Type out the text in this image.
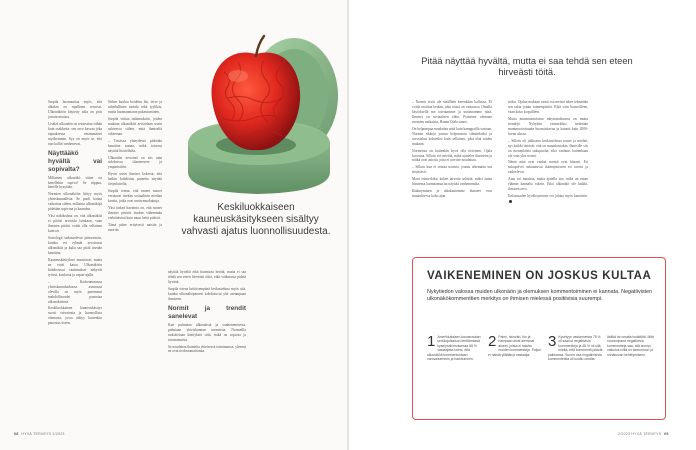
Sarpila huomauttaa myös, että aikakin on rajallinen resurssi. Ulkonäköön käytetty aika on pois jostain muusta.

Lisäksi ulkonäön on resurssina vähän kuin osakkeita: sen arvo kasvaa joka tapauksessa ensimmäiset myöhemmin. Syy on myös se, että nuo kalliit vanhenevat.

Näyttääkö hyvältä vai sopivalta?

Millainen ulkonäkö sitten on kenellekin sopiva? Se riippuu, kenelle kysytään.

Normien ulkonäköön liittyy myös yhteiskunnallisia. Se puoli kattaa vaikuttaa siihen, millaisia ulkonäköjä pidetään sopivina ja kauniina.

Yksi näkökulma on, että ulkonäköä ei pitäisi arvioida lainkaan, vaan ihmisen pitäisi voida olla sellainen kuin on.

Sosiologit tarkastelevat päinvastoin, kuinka eri ryhmät arvottavat ulkonäköä ja kuka saa pitää itseään kauniina.

Kauneuskäsitykset muuttuvat, mutta ne eivät katoa. Ulkonäköön kohdistuvat vaatimukset näkyvät työssä, koulussa ja vapaa-ajalla.

– Korkeammassa yhteiskuntaluokassa asemassa olevilla on myös paremmat mahdollisuudet panostaa ulkonäköönsä.

Keskiluokkainen kauneuskäsitys suosii vaivatonta ja luonnollista olemusta, jossa näkyy kuitenkin panostus itseen.

Siihen kuuluu hoidettu iho, terve ja urheilullinen vartalo sekä tyylikäs, mutta huomaamaton pukeutuminen.

Sarpila viittaa tutkimuksiin, joiden mukaan ulkonäköä arvioidaan usein suhteessa siihen, mitä ihmiseltä odotetaan.

– Toisessa yhteydessä pidetään kauniina samaa, mikä toisessa näyttää liioitellulta.

Ulkonäön arviointi on siis aina sidoksissa tilanteeseen ja ympäristöön.

Hyvin usein ihmiset kokevat, että heihin kohdistuu paineita näyttää tietynlaiselta.

Sarpila toteaa, että monet nuoret vertaavat itseään sosiaalisen median kuviin, jotka ovat usein muokattuja.

Yksi tärkeä havainto on, että monet ihmiset pitävät itseään vähemmän viehättävinä kuin muut heitä pitävät.

Tämä pätee erityisesti naisiin ja nuoriin.

Keskiluokkaiseen kauneuskäsitykseen sisältyy vahvasti ajatus luonnollisuudesta.

näyttää hyvältä eikä huomiota herätä, mutta ei saa tehdä sen eteen hirveästi töitä, eikä vaikutusta pidetä hyvänä.

Sarpila toteaa kriittisempänä keskusteluna myös sitä, kuinka ulkonäköpaineet kohdistuvat yhä useampaan ihmiseen.

Normit ja trendit sanelevat

Kun puhutaan ulkonäöstä ja vanhenemisesta, puhutaan yhteiskunnan normeista. Normeilla tarkoitetaan käsityksiä siitä, mikä on sopivaa ja tavanomaista.

Se noudattaa ihanteita yhteisessä toiminnassa, yleensä ne ovat tiedostamattomia.

Pitää näyttää hyvältä, mutta ei saa tehdä sen eteen hirveästi töitä.

– Normit eivät ole sinällään kerenkään hallussa. Ei voida osoittaa ketään, joka niistä on vastuussa. Omalla käytöksellä me toteutamme ja uusinnamme niitä. Ihmiset on sosiaalisen eläin. Pyrimme olemaan normien mukaisia, Hanna Ojala sanoo.

On helpompaa noudattaa niitä kuin kamppailla vastaan. Normin rikkoja joutuu helpommin silmätikuksi ja arvostelun kohteeksi kuin sellainen, joka elää niiden mukaan.

Normeista on kuitenkin hyvä olla tietoinen, Ojala korostaa. Silloin voi miettiä, mikä ajattelee ihmiseen ja mitkä ovat asioita, joita ei tarvitse noudattaa.

– Silloin kun ei seuraa normia, joutuu tekemään sen tietoisesti.

Moni esimerkiksi kokee tarvetta selittää, miksi antaa hiustensa harmaantua tai näyttää vanhemmalta.

Ikääntyminen ja aikakautemme ihanteet ovat muutoksessa koko ajan.

miksi. Ojalan mukaan vaatii osa meistä tekee tekemään sen takia jotain toimenpiteitä. Eikä vain kauvoilleen, vaan koko kropalleen.

Mutta monimuotoisena mkymuodinassa on mutta trendejä. Nykyään esimerkiksi tiedetään monimuotoisuutta huomioitavaa ja kauniit kuin 2000-luvun alussa.

– Silloin oli julkisena keskustelussa naiset ja miehet, nyt kaikki tietävät, että on muunlaisiakin. Ihmisille siis on monenlaisia sukupuolia, eikä vanhuus kuitenkaan ole vain yksi normi.

Nämä asiat ovat vanhat normit ovat hitaasti. Eri sukupolvet suhtautuvat ikääntymiseen eri tavoin ja vaihtelevat.

Aina voi muuttaa, mutta ajatella itse, mikä on oman elämän kannalta oikein. Eikä ulkonäkö ole kaikki, ihmisen arvo.

Erilaisuuden hyväksyminen voi johtaa myös kaunisiin.

VAIKENEMINEN ON JOSKUS KULTAA
Nykytiedon valossa muiden ulkonäön ja olemuksen kommentoiminen ei kannata. Negatiivisten ulkonäkökommenttien merkitys on ihmisen mielessä positiivisia suurempi.
1 Amerikkalaisen kauneusalan verkkojulkaisun teettämässä kyselytutkimuksessa 88 % vastaajista totesi, että ulkonäköä kommentoidaan varovaisemmin ja harkitummin.
2 Palmi, hiusväri, iho ja hampaat olivat aiemmat alueet, joista ei haluttu muiden kommentteja. Paljon ei näistä yllättänyt vastaajia.
3 Kyselyyn vastanneista 75 % oli saanut negatiivisia kommentteja ja 48 % oli sitä mieltä, että kommentit pitävät paikkansa. Suurin osa negatiivisista kommenteista oli kuultu omalta
äidiltä tai omalta isoäidiltä. Mitä nuorempana negatiivisia kommentteja saa, sitä isompi vaikutus niillä on itsetuntoon ja minäkuvan kehittymiseen.
68 HYVÄ TERVEYS 2/2023	2/2023 HYVÄ TERVEYS 69
